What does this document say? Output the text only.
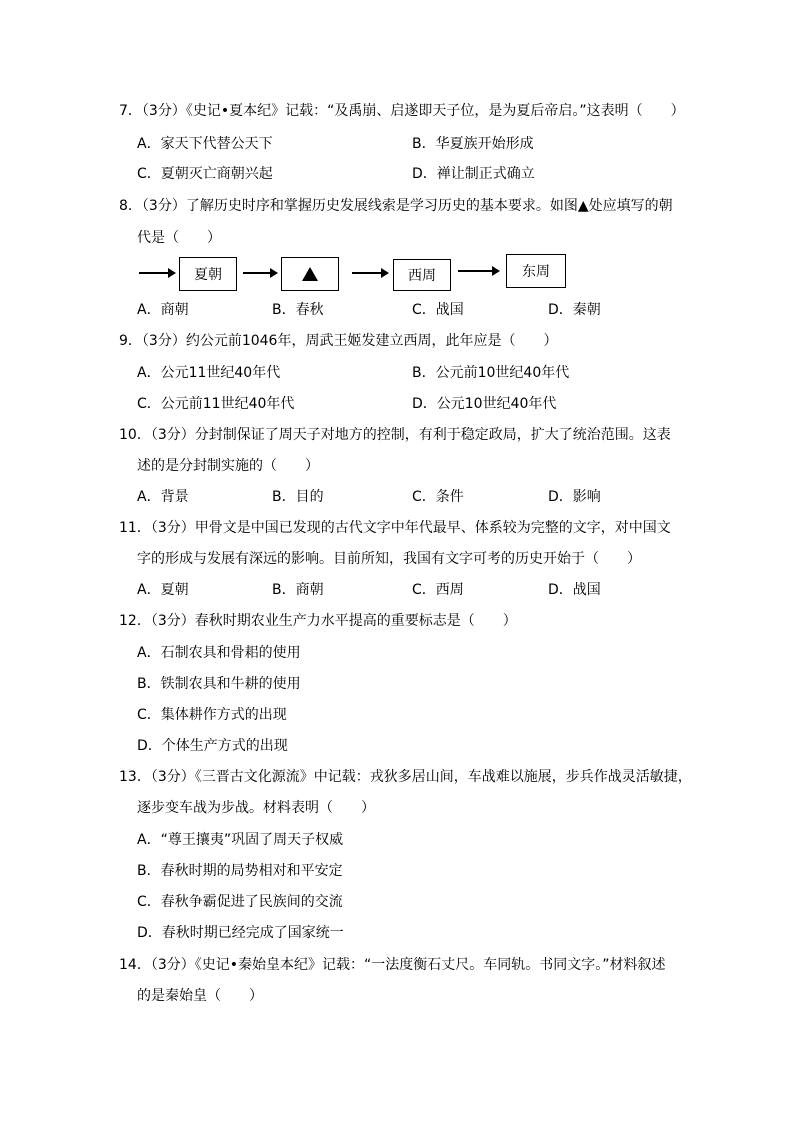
7．（3分）《史记•夏本纪》记载：“及禹崩、启遂即天子位，是为夏后帝启。”这表明（　　）
A．家天下代替公天下	B．华夏族开始形成
C．夏朝灭亡商朝兴起	D．禅让制正式确立
8．（3分）了解历史时序和掌握历史发展线索是学习历史的基本要求。如图▲处应填写的朝
代是（　　）
夏朝	西周	东周
A．商朝	B．春秋	C．战国	D．秦朝
9．（3分）约公元前1046年，周武王姬发建立西周，此年应是（　　）
A．公元11世纪40年代	B．公元前10世纪40年代
C．公元前11世纪40年代	D．公元10世纪40年代
10．（3分）分封制保证了周天子对地方的控制，有利于稳定政局，扩大了统治范围。这表
述的是分封制实施的（　　）
A．背景	B．目的	C．条件	D．影响
11．（3分）甲骨文是中国已发现的古代文字中年代最早、体系较为完整的文字，对中国文
字的形成与发展有深远的影响。目前所知，我国有文字可考的历史开始于（　　）
A．夏朝	B．商朝	C．西周	D．战国
12．（3分）春秋时期农业生产力水平提高的重要标志是（　　）
A．石制农具和骨耜的使用
B．铁制农具和牛耕的使用
C．集体耕作方式的出现
D．个体生产方式的出现
13．（3分）《三晋古文化源流》中记载：戎狄多居山间，车战难以施展，步兵作战灵活敏捷，
逐步变车战为步战。材料表明（　　）
A．“尊王攘夷”巩固了周天子权威
B．春秋时期的局势相对和平安定
C．春秋争霸促进了民族间的交流
D．春秋时期已经完成了国家统一
14．（3分）《史记•秦始皇本纪》记载：“一法度衡石丈尺。车同轨。书同文字。”材料叙述
的是秦始皇（　　）
